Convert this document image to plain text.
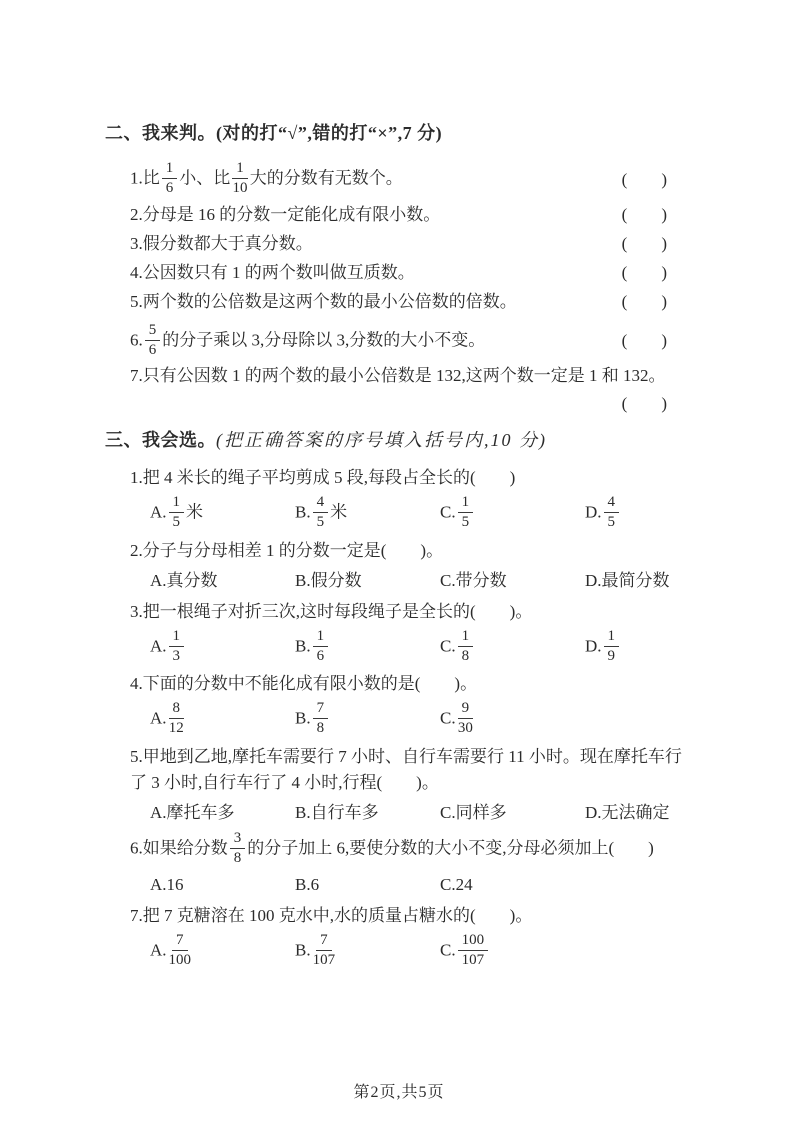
二、我来判。(对的打“√”,错的打“×”,7 分)
1.比 $\frac{1}{6}$ 小、比 $\frac{1}{10}$ 大的分数有无数个。	(  )
2.分母是 16 的分数一定能化成有限小数。	(  )
3.假分数都大于真分数。	(  )
4.公因数只有 1 的两个数叫做互质数。	(  )
5.两个数的公倍数是这两个数的最小公倍数的倍数。	(  )
6. $\frac{5}{6}$ 的分子乘以 3,分母除以 3,分数的大小不变。	(  )
7.只有公因数 1 的两个数的最小公倍数是 132,这两个数一定是 1 和 132。
(  )
三、我会选。(把正确答案的序号填入括号内,10 分)
1.把 4 米长的绳子平均剪成 5 段,每段占全长的(  )
A. $\frac{1}{5}$ 米	B. $\frac{4}{5}$ 米	C. $\frac{1}{5}$	D. $\frac{4}{5}$
2.分子与分母相差 1 的分数一定是(  )。
A.真分数	B.假分数	C.带分数	D.最简分数
3.把一根绳子对折三次,这时每段绳子是全长的(  )。
A. $\frac{1}{3}$	B. $\frac{1}{6}$	C. $\frac{1}{8}$	D. $\frac{1}{9}$
4.下面的分数中不能化成有限小数的是(  )。
A. $\frac{8}{12}$	B. $\frac{7}{8}$	C. $\frac{9}{30}$
5.甲地到乙地,摩托车需要行 7 小时、自行车需要行 11 小时。现在摩托车行了 3 小时,自行车行了 4 小时,行程(  )。
A.摩托车多	B.自行车多	C.同样多	D.无法确定
6.如果给分数 $\frac{3}{8}$ 的分子加上 6,要使分数的大小不变,分母必须加上(  )
A.16	B.6	C.24
7.把 7 克糖溶在 100 克水中,水的质量占糖水的(  )。
A. $\frac{7}{100}$	B. $\frac{7}{107}$	C. $\frac{100}{107}$
第2页,共5页
